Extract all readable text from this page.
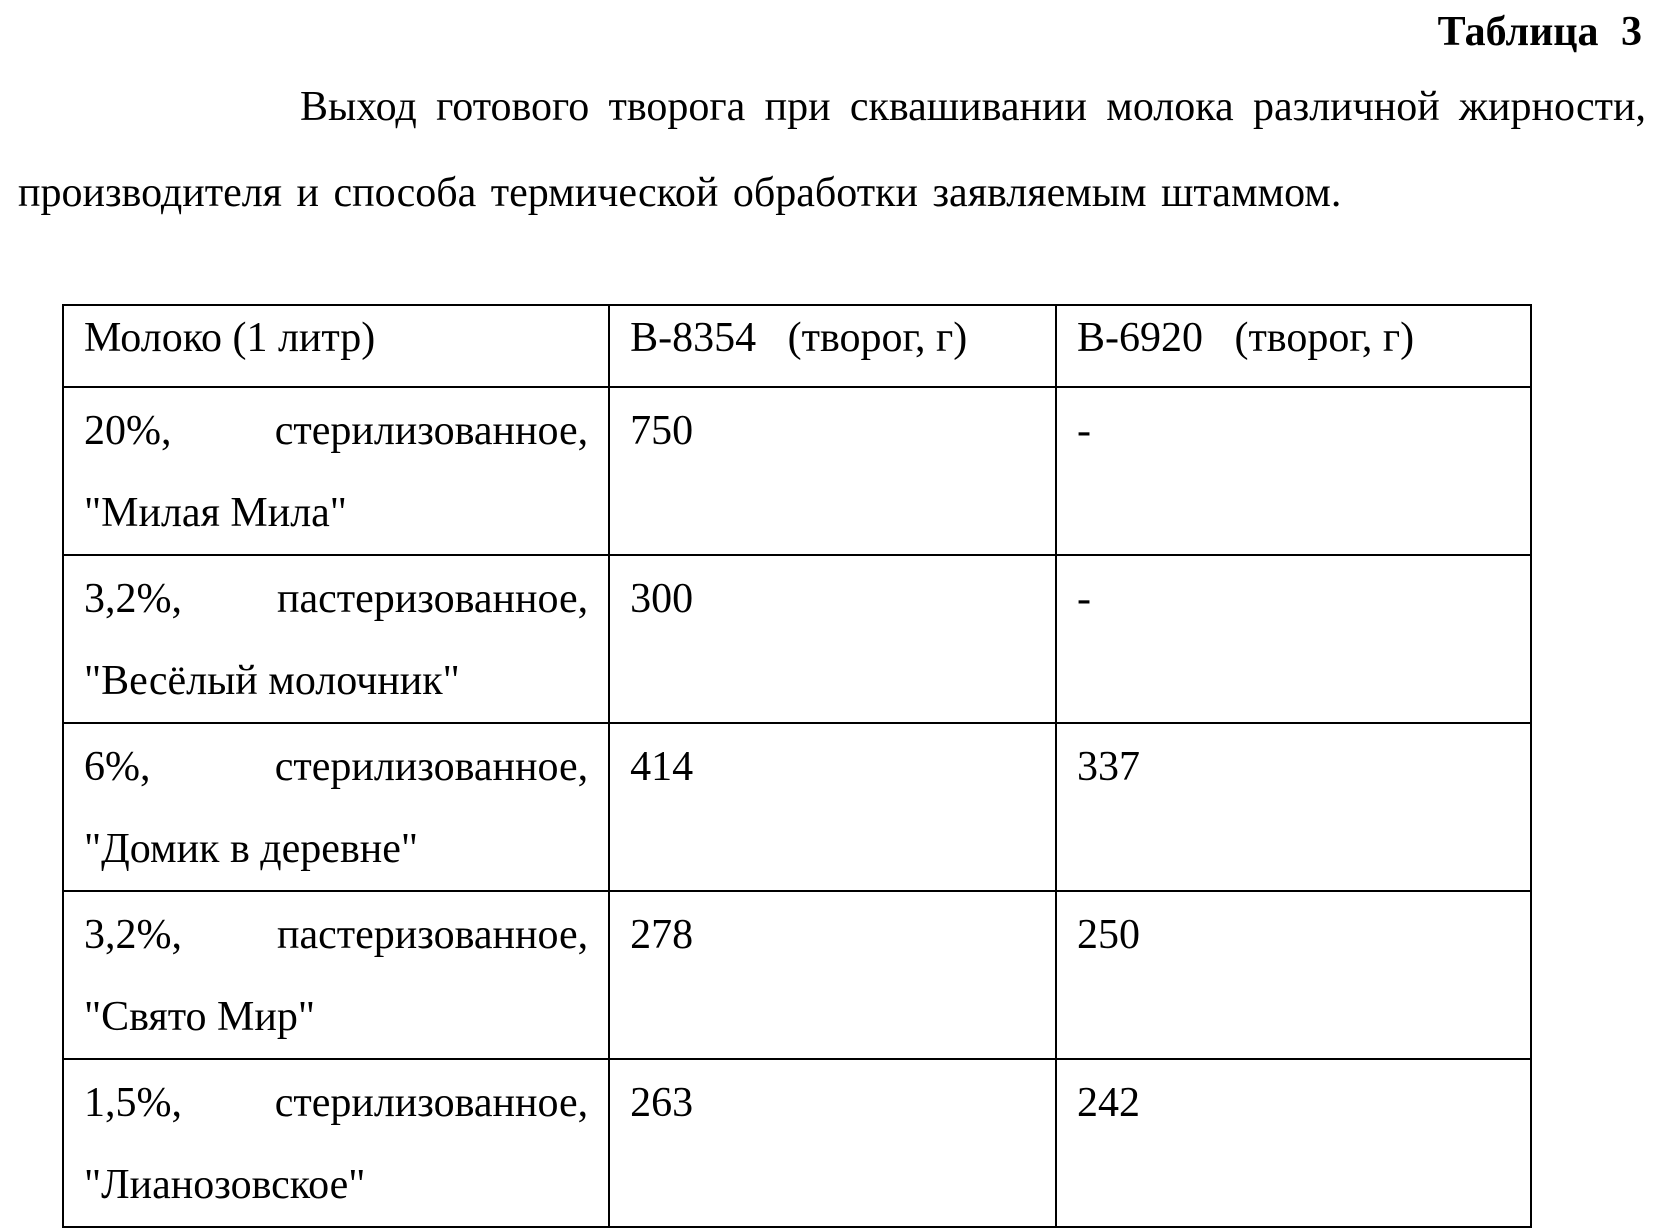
Таблица 3

Выход готового творога при сквашивании молока различной жирности, производителя и способа термической обработки заявляемым штаммом.

Молоко (1 литр)	B-8354   (творог, г)	B-6920   (творог, г)

20%, стерилизованное,
"Милая Мила"	750	-

3,2%, пастеризованное,
"Весёлый молочник"	300	-

6%, стерилизованное,
"Домик в деревне"	414	337

3,2%, пастеризованное,
"Свято Мир"	278	250

1,5%, стерилизованное,
"Лианозовское"	263	242
